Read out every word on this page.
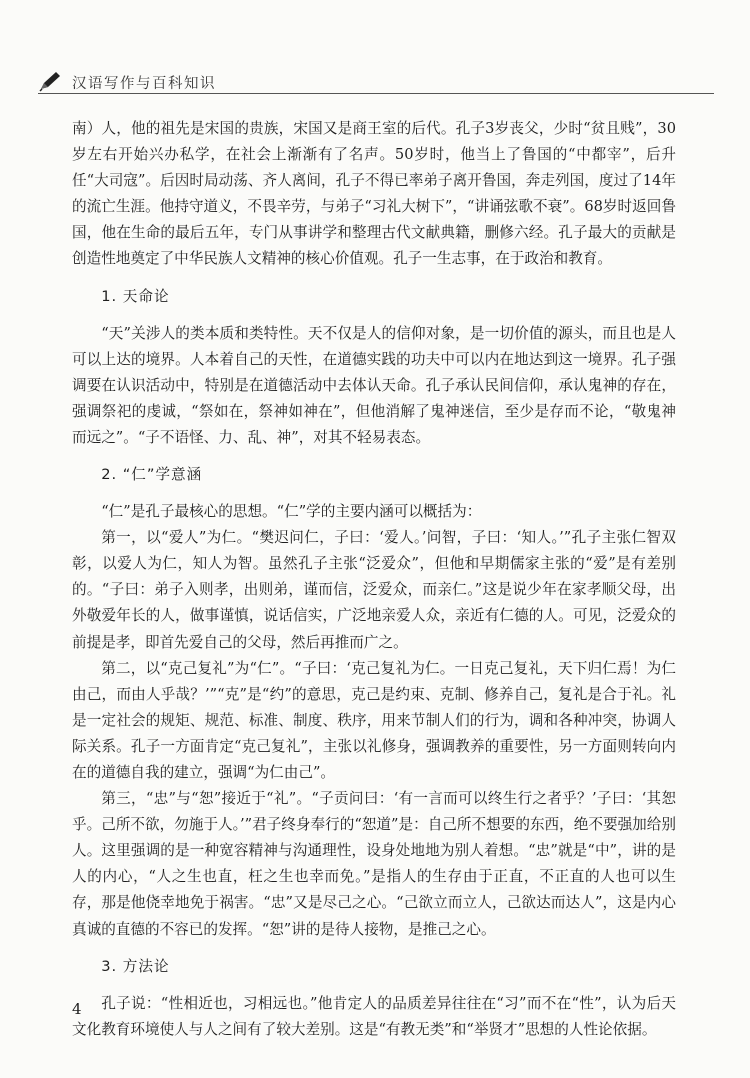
汉语写作与百科知识

南）人，他的祖先是宋国的贵族，宋国又是商王室的后代。孔子3岁丧父，少时“贫且贱”，30岁左右开始兴办私学，在社会上渐渐有了名声。50岁时，他当上了鲁国的“中都宰”，后升任“大司寇”。后因时局动荡、齐人离间，孔子不得已率弟子离开鲁国，奔走列国，度过了14年的流亡生涯。他持守道义，不畏辛劳，与弟子“习礼大树下”，“讲诵弦歌不衰”。68岁时返回鲁国，他在生命的最后五年，专门从事讲学和整理古代文献典籍，删修六经。孔子最大的贡献是创造性地奠定了中华民族人文精神的核心价值观。孔子一生志事，在于政治和教育。

1. 天命论

“天”关涉人的类本质和类特性。天不仅是人的信仰对象，是一切价值的源头，而且也是人可以上达的境界。人本着自己的天性，在道德实践的功夫中可以内在地达到这一境界。孔子强调要在认识活动中，特别是在道德活动中去体认天命。孔子承认民间信仰，承认鬼神的存在，强调祭祀的虔诚，“祭如在，祭神如神在”，但他消解了鬼神迷信，至少是存而不论，“敬鬼神而远之”。“子不语怪、力、乱、神”，对其不轻易表态。

2. “仁”学意涵

“仁”是孔子最核心的思想。“仁”学的主要内涵可以概括为：

第一，以“爱人”为仁。“樊迟问仁，子曰：‘爱人。’问智，子曰：‘知人。’”孔子主张仁智双彰，以爱人为仁，知人为智。虽然孔子主张“泛爱众”，但他和早期儒家主张的“爱”是有差别的。“子曰：弟子入则孝，出则弟，谨而信，泛爱众，而亲仁。”这是说少年在家孝顺父母，出外敬爱年长的人，做事谨慎，说话信实，广泛地亲爱人众，亲近有仁德的人。可见，泛爱众的前提是孝，即首先爱自己的父母，然后再推而广之。

第二，以“克己复礼”为“仁”。“子曰：‘克己复礼为仁。一日克己复礼，天下归仁焉！为仁由己，而由人乎哉？’”“克”是“约”的意思，克己是约束、克制、修养自己，复礼是合于礼。礼是一定社会的规矩、规范、标准、制度、秩序，用来节制人们的行为，调和各种冲突，协调人际关系。孔子一方面肯定“克己复礼”，主张以礼修身，强调教养的重要性，另一方面则转向内在的道德自我的建立，强调“为仁由己”。

第三，“忠”与“恕”接近于“礼”。“子贡问曰：‘有一言而可以终生行之者乎？’子曰：‘其恕乎。己所不欲，勿施于人。’”君子终身奉行的“恕道”是：自己所不想要的东西，绝不要强加给别人。这里强调的是一种宽容精神与沟通理性，设身处地地为别人着想。“忠”就是“中”，讲的是人的内心，“人之生也直，枉之生也幸而免。”是指人的生存由于正直，不正直的人也可以生存，那是他侥幸地免于祸害。“忠”又是尽己之心。“己欲立而立人，己欲达而达人”，这是内心真诚的直德的不容已的发挥。“恕”讲的是待人接物，是推己之心。

3. 方法论

孔子说：“性相近也，习相远也。”他肯定人的品质差异往往在“习”而不在“性”，认为后天文化教育环境使人与人之间有了较大差别。这是“有教无类”和“举贤才”思想的人性论依据。

4
